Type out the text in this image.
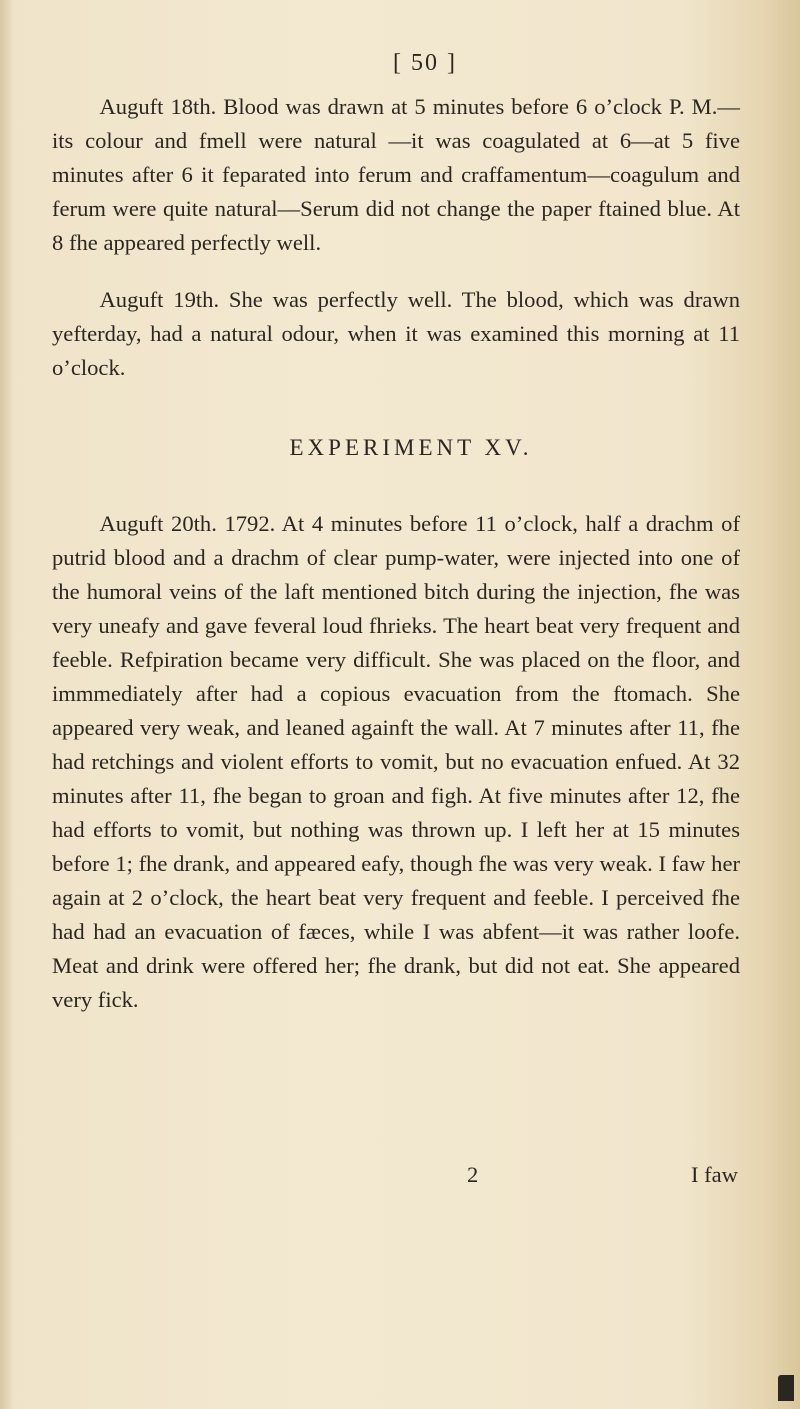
[ 50 ]

Auguft 18th. Blood was drawn at 5 minutes before 6 o’clock P. M.—its colour and fmell were natural —it was coagulated at 6—at 5 five minutes after 6 it feparated into ferum and craffamentum—coagulum and ferum were quite natural—Serum did not change the paper ftained blue. At 8 fhe appeared perfectly well.

Auguft 19th. She was perfectly well. The blood, which was drawn yefterday, had a natural odour, when it was examined this morning at 11 o’clock.

EXPERIMENT XV.

Auguft 20th. 1792. At 4 minutes before 11 o’clock, half a drachm of putrid blood and a drachm of clear pump-water, were injected into one of the humoral veins of the laft mentioned bitch during the injection, fhe was very uneafy and gave feveral loud fhrieks. The heart beat very frequent and feeble. Refpiration became very difficult. She was placed on the floor, and immmediately after had a copious evacuation from the ftomach. She appeared very weak, and leaned againft the wall. At 7 minutes after 11, fhe had retchings and violent efforts to vomit, but no evacuation enfued. At 32 minutes after 11, fhe began to groan and figh. At five minutes after 12, fhe had efforts to vomit, but nothing was thrown up. I left her at 15 minutes before 1; fhe drank, and appeared eafy, though fhe was very weak. I faw her again at 2 o’clock, the heart beat very frequent and feeble. I perceived fhe had had an evacuation of fæces, while I was abfent—it was rather loofe. Meat and drink were offered her; fhe drank, but did not eat. She appeared very fick.

2	I faw
